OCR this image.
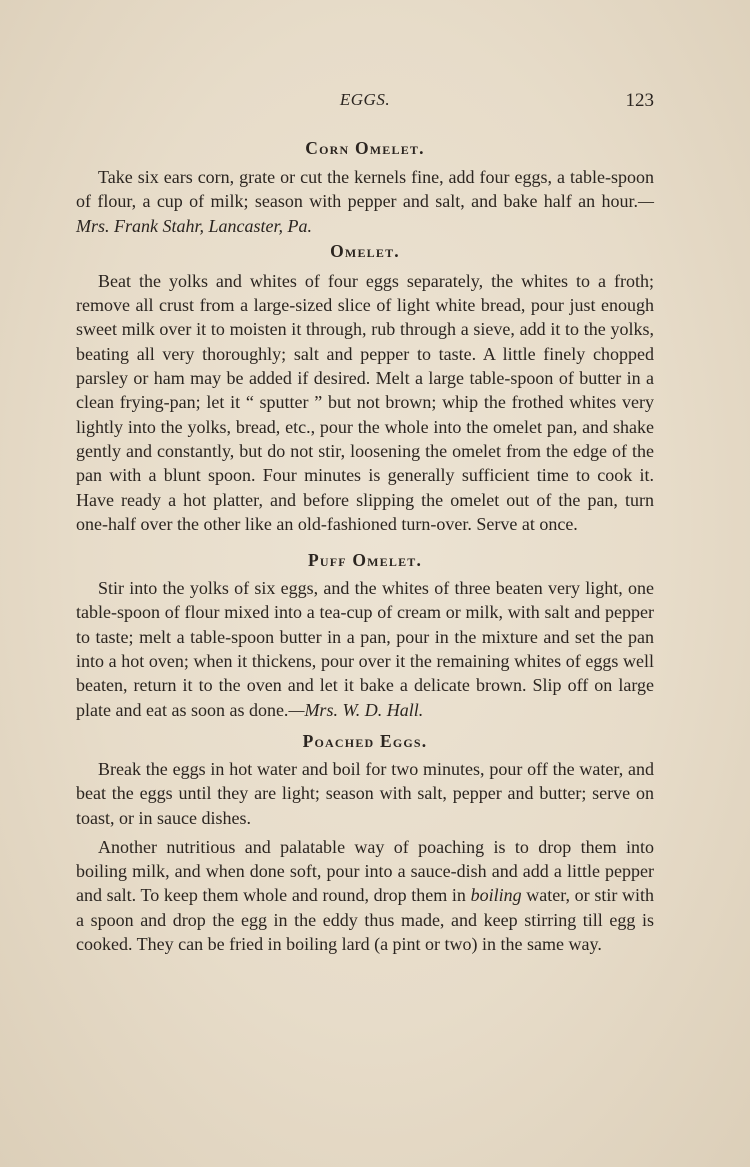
EGGS.	123
Corn Omelet.

Take six ears corn, grate or cut the kernels fine, add four eggs, a table-spoon of flour, a cup of milk; season with pepper and salt, and bake half an hour.—Mrs. Frank Stahr, Lancaster, Pa.

Omelet.

Beat the yolks and whites of four eggs separately, the whites to a froth; remove all crust from a large-sized slice of light white bread, pour just enough sweet milk over it to moisten it through, rub through a sieve, add it to the yolks, beating all very thoroughly; salt and pepper to taste. A little finely chopped parsley or ham may be added if desired. Melt a large table-spoon of butter in a clean frying-pan; let it “ sputter ” but not brown; whip the frothed whites very lightly into the yolks, bread, etc., pour the whole into the omelet pan, and shake gently and constantly, but do not stir, loosening the omelet from the edge of the pan with a blunt spoon. Four minutes is generally sufficient time to cook it. Have ready a hot platter, and before slipping the omelet out of the pan, turn one-half over the other like an old-fashioned turn-over. Serve at once.

Puff Omelet.

Stir into the yolks of six eggs, and the whites of three beaten very light, one table-spoon of flour mixed into a tea-cup of cream or milk, with salt and pepper to taste; melt a table-spoon butter in a pan, pour in the mixture and set the pan into a hot oven; when it thickens, pour over it the remaining whites of eggs well beaten, return it to the oven and let it bake a delicate brown. Slip off on large plate and eat as soon as done.—Mrs. W. D. Hall.

Poached Eggs.

Break the eggs in hot water and boil for two minutes, pour off the water, and beat the eggs until they are light; season with salt, pepper and butter; serve on toast, or in sauce dishes.

Another nutritious and palatable way of poaching is to drop them into boiling milk, and when done soft, pour into a sauce-dish and add a little pepper and salt. To keep them whole and round, drop them in boiling water, or stir with a spoon and drop the egg in the eddy thus made, and keep stirring till egg is cooked. They can be fried in boiling lard (a pint or two) in the same way.
